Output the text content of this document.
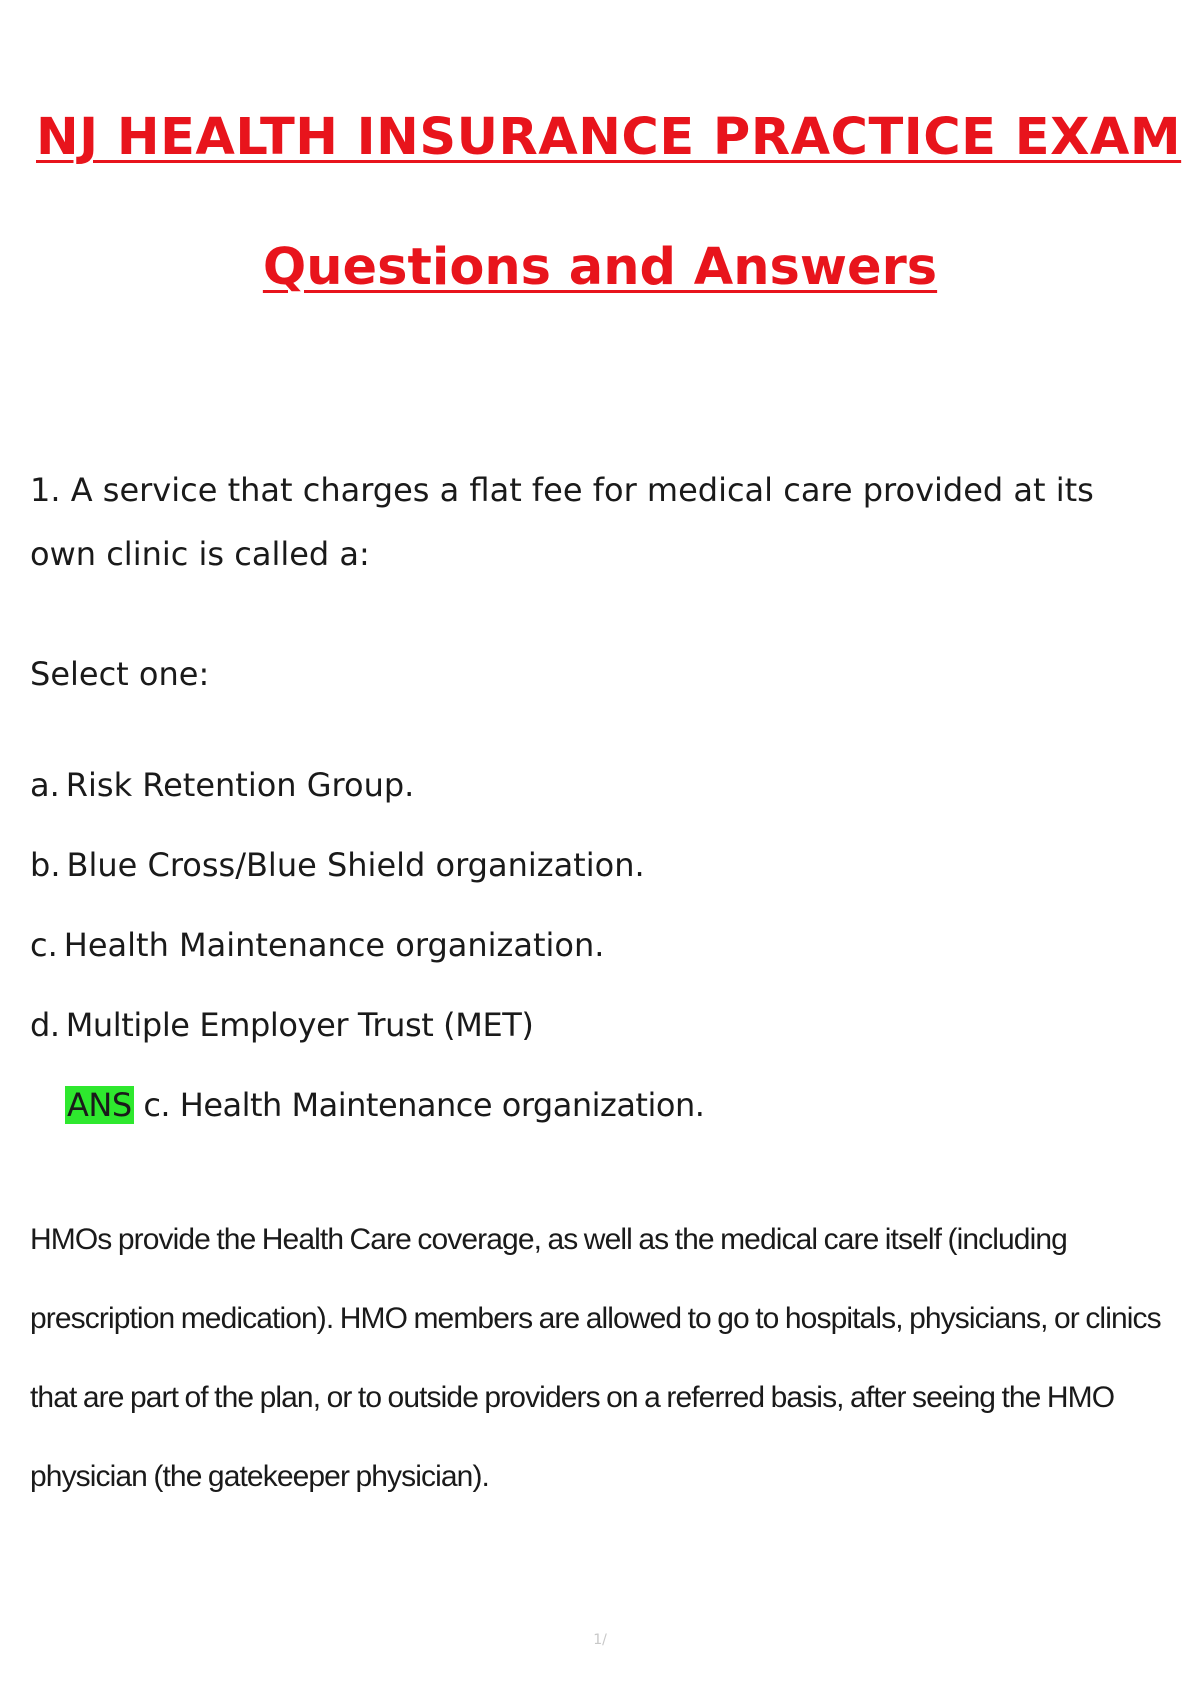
NJ HEALTH INSURANCE PRACTICE EXAM
Questions and Answers
1. A service that charges a flat fee for medical care provided at its own clinic is called a:
Select one:
a. Risk Retention Group.
b. Blue Cross/Blue Shield organization.
c. Health Maintenance organization.
d. Multiple Employer Trust (MET)
ANS c. Health Maintenance organization.
HMOs provide the Health Care coverage, as well as the medical care itself (including prescription medication). HMO members are allowed to go to hospitals, physicians, or clinics that are part of the plan, or to outside providers on a referred basis, after seeing the HMO physician (the gatekeeper physician).
1/
